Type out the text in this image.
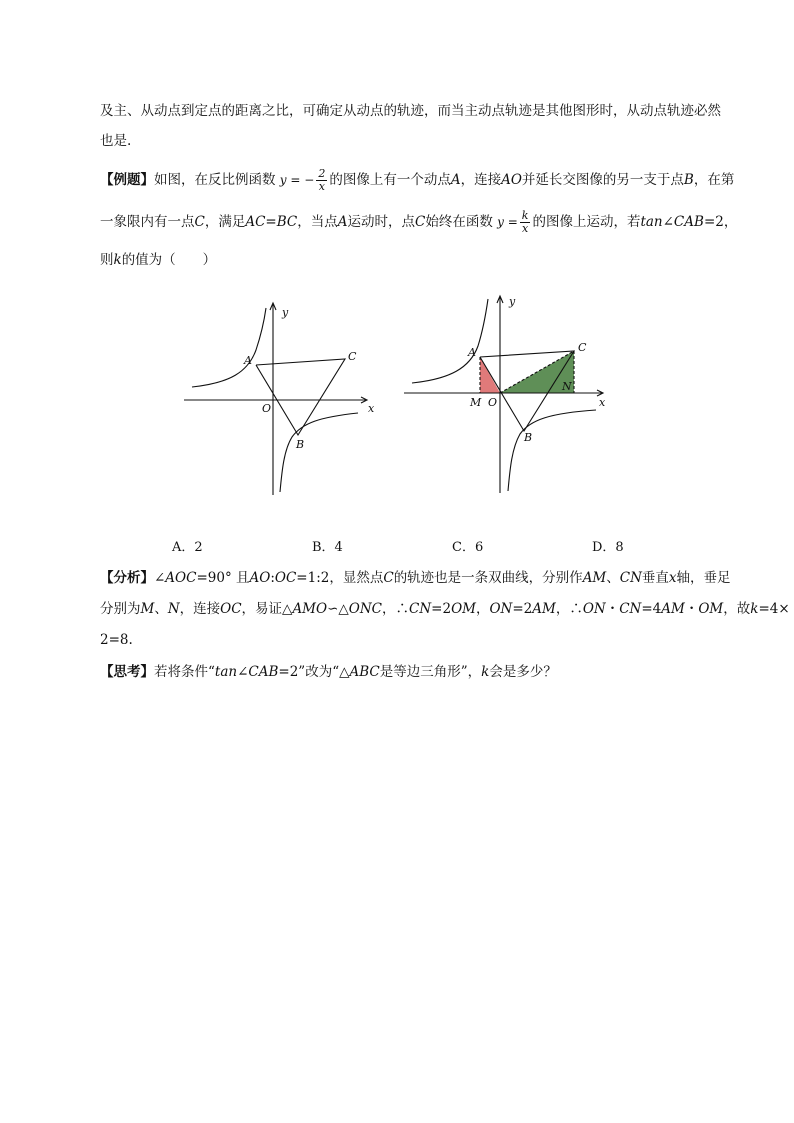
及主、从动点到定点的距离之比，可确定从动点的轨迹，而当主动点轨迹是其他图形时，从动点轨迹必然
也是.
【例题】如图，在反比例函数 y = − $\frac{2}{x}$ 的图像上有一个动点A，连接AO并延长交图像的另一支于点B，在第
一象限内有一点C，满足AC=BC，当点A运动时，点C始终在函数 $y = \frac{k}{x}$ 的图像上运动，若tan∠CAB=2，
则k的值为（　　）
A	C
O
B
y
x
A	C
M O
N
B
y
x
A．2	B．4	C．6	D．8
【分析】∠AOC=90° 且AO:OC=1:2，显然点C的轨迹也是一条双曲线，分别作AM、CN垂直x轴，垂足
分别为M、N，连接OC，易证△AMO∽△ONC，∴CN=2OM，ON=2AM，∴ON・CN=4AM・OM，故k=4×
2=8.
【思考】若将条件“tan∠CAB=2”改为“△ABC是等边三角形”，k会是多少？
